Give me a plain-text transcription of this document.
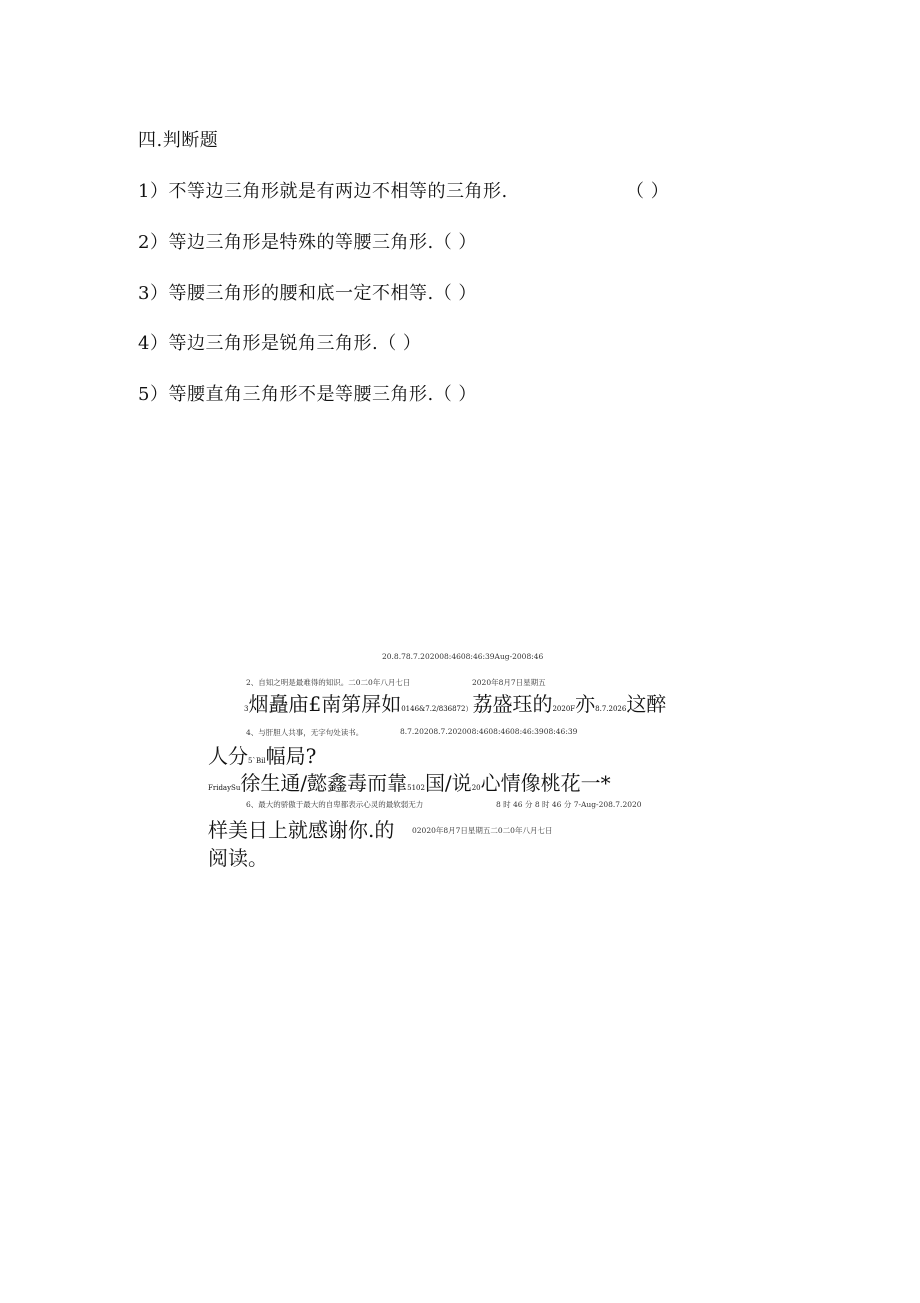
四.判断题
1）不等边三角形就是有两边不相等的三角形.	（ ）
2）等边三角形是特殊的等腰三角形.（ ）
3）等腰三角形的腰和底一定不相等.（ ）
4）等边三角形是锐角三角形.（ ）
5）等腰直角三角形不是等腰三角形.（ ）
20.8.78.7.202008:4608:46:39Aug-2008:46
2、自知之明是最难得的知识。二0二0年八月七日	2020年8月7日星期五
3烟矗庙£南第屏如0146&7.2/836872）荔盛珏的2020F亦8.7.2026这醉
4、与肝胆人共事，无字句处读书。	8.7.20208.7.202008:4608:4608:46:3908:46:39
人分5`Bil幅局?
FridaySu徐生通/懿鑫毒而靠5102国/说20心情像桃花一*
6、最大的骄傲于最大的自卑都表示心灵的最软弱无力	8 时 46 分 8 时 46 分 7-Aug-208.7.2020
样美日上就感谢你.的 02020年8月7日星期五二0二0年八月七日
阅读。
